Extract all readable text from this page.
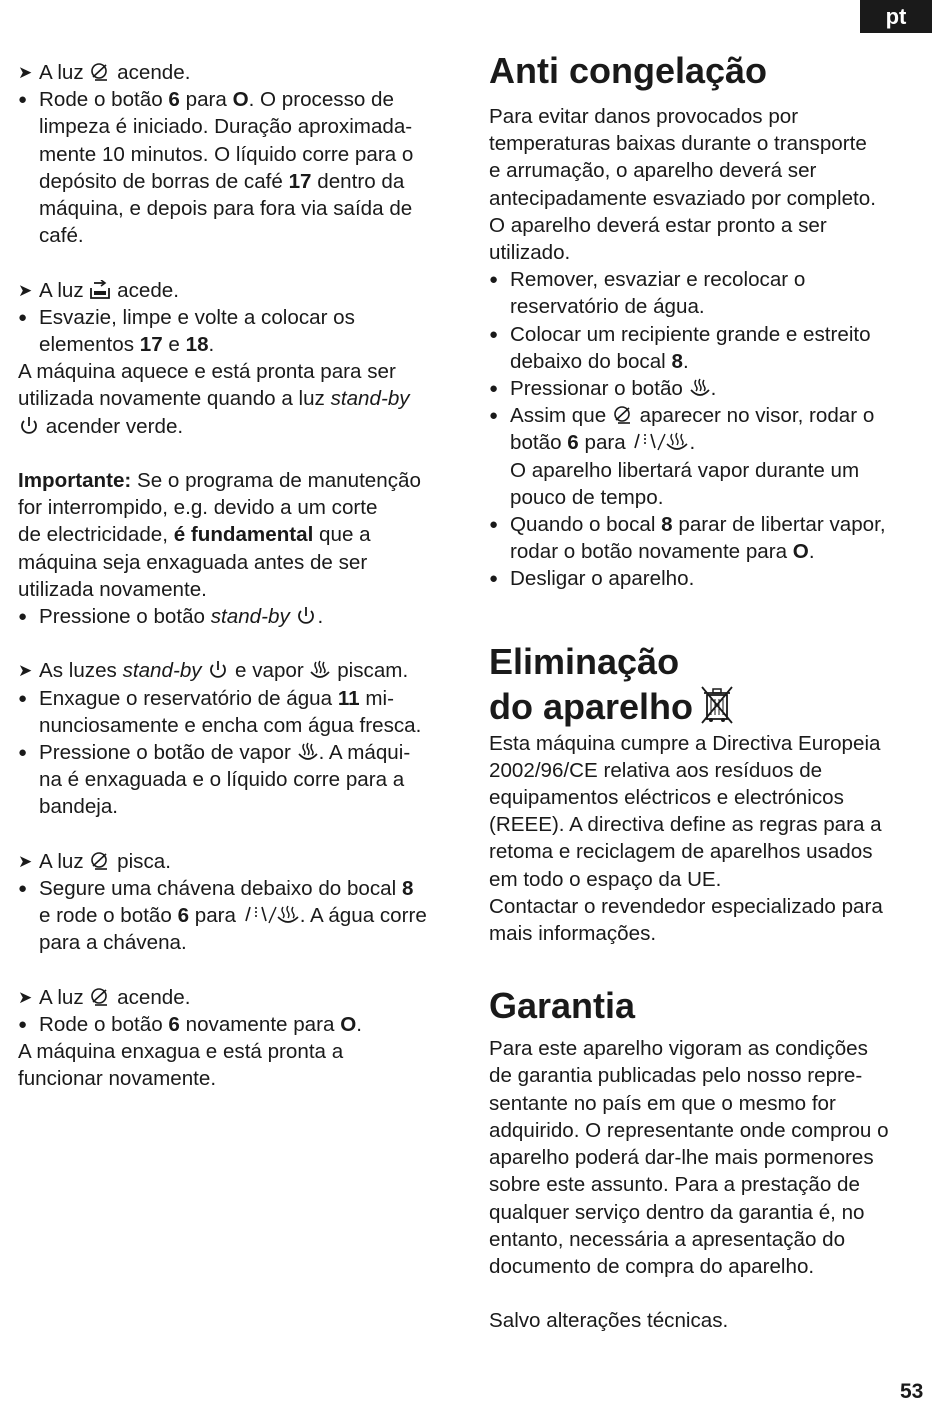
pt
➤ A luz acende.
● Rode o botão 6 para O. O processo de
limpeza é iniciado. Duração aproximada-
mente 10 minutos. O líquido corre para o
depósito de borras de café 17 dentro da
máquina, e depois para fora via saída de
café.
➤ A luz acede.
● Esvazie, limpe e volte a colocar os
elementos 17 e 18.
A máquina aquece e está pronta para ser
utilizada novamente quando a luz stand-by
acender verde.
Importante: Se o programa de manutenção
for interrompido, e.g. devido a um corte
de electricidade, é fundamental que a
máquina seja enxaguada antes de ser
utilizada novamente.
● Pressione o botão stand-by .
➤ As luzes stand-by e vapor piscam.
● Enxague o reservatório de água 11 mi-
nunciosamente e encha com água fresca.
● Pressione o botão de vapor . A máqui-
na é enxaguada e o líquido corre para a
bandeja.
➤ A luz pisca.
● Segure uma chávena debaixo do bocal 8
e rode o botão 6 para	. A água corre
para a chávena.
➤ A luz acende.
● Rode o botão 6 novamente para O.
A máquina enxagua e está pronta a
funcionar novamente.
Anti congelação
Para evitar danos provocados por
temperaturas baixas durante o transporte
e arrumação, o aparelho deverá ser
antecipadamente esvaziado por completo.
O aparelho deverá estar pronto a ser
utilizado.
● Remover, esvaziar e recolocar o
reservatório de água.
● Colocar um recipiente grande e estreito
debaixo do bocal 8.
● Pressionar o botão .
● Assim que aparecer no visor, rodar o
botão 6 para	.
O aparelho libertará vapor durante um
pouco de tempo.
● Quando o bocal 8 parar de libertar vapor,
rodar o botão novamente para O.
● Desligar o aparelho.
Eliminação
do aparelho
Esta máquina cumpre a Directiva Europeia
2002/96/CE relativa aos resíduos de
equipamentos eléctricos e electrónicos
(REEE). A directiva define as regras para a
retoma e reciclagem de aparelhos usados
em todo o espaço da UE.
Contactar o revendedor especializado para
mais informações.
Garantia
Para este aparelho vigoram as condições
de garantia publicadas pelo nosso repre-
sentante no país em que o mesmo for
adquirido. O representante onde comprou o
aparelho poderá dar-lhe mais pormenores
sobre este assunto. Para a prestação de
qualquer serviço dentro da garantia é, no
entanto, necessária a apresentação do
documento de compra do aparelho.
Salvo alterações técnicas.
53
